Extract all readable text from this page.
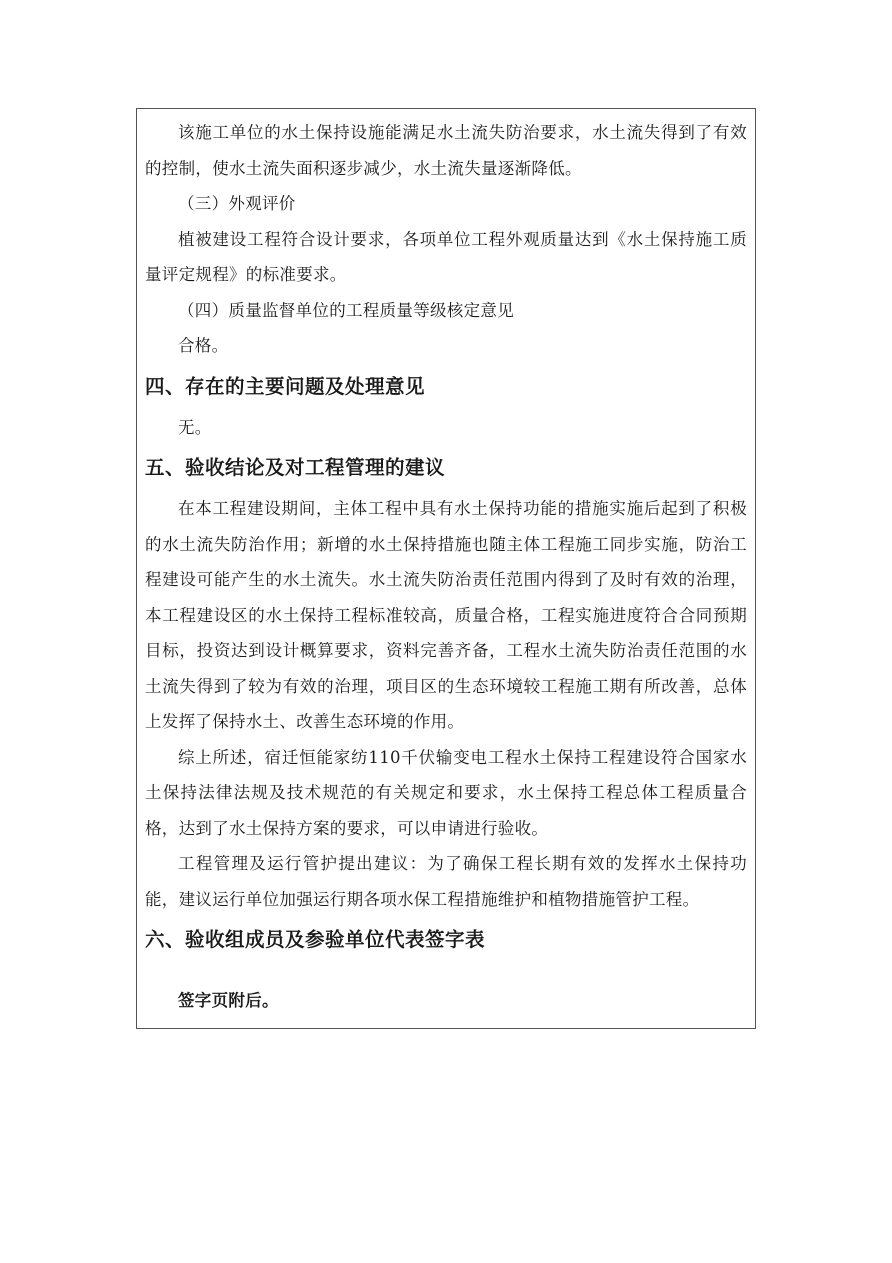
该施工单位的水土保持设施能满足水土流失防治要求，水土流失得到了有效的控制，使水土流失面积逐步减少，水土流失量逐渐降低。

（三）外观评价

植被建设工程符合设计要求，各项单位工程外观质量达到《水土保持施工质量评定规程》的标准要求。

（四）质量监督单位的工程质量等级核定意见

合格。

四、存在的主要问题及处理意见

无。

五、验收结论及对工程管理的建议

在本工程建设期间，主体工程中具有水土保持功能的措施实施后起到了积极的水土流失防治作用；新增的水土保持措施也随主体工程施工同步实施，防治工程建设可能产生的水土流失。水土流失防治责任范围内得到了及时有效的治理，本工程建设区的水土保持工程标准较高，质量合格，工程实施进度符合合同预期目标，投资达到设计概算要求，资料完善齐备，工程水土流失防治责任范围的水土流失得到了较为有效的治理，项目区的生态环境较工程施工期有所改善，总体上发挥了保持水土、改善生态环境的作用。

综上所述，宿迁恒能家纺110千伏输变电工程水土保持工程建设符合国家水土保持法律法规及技术规范的有关规定和要求，水土保持工程总体工程质量合格，达到了水土保持方案的要求，可以申请进行验收。

工程管理及运行管护提出建议：为了确保工程长期有效的发挥水土保持功能，建议运行单位加强运行期各项水保工程措施维护和植物措施管护工程。

六、验收组成员及参验单位代表签字表

签字页附后。
